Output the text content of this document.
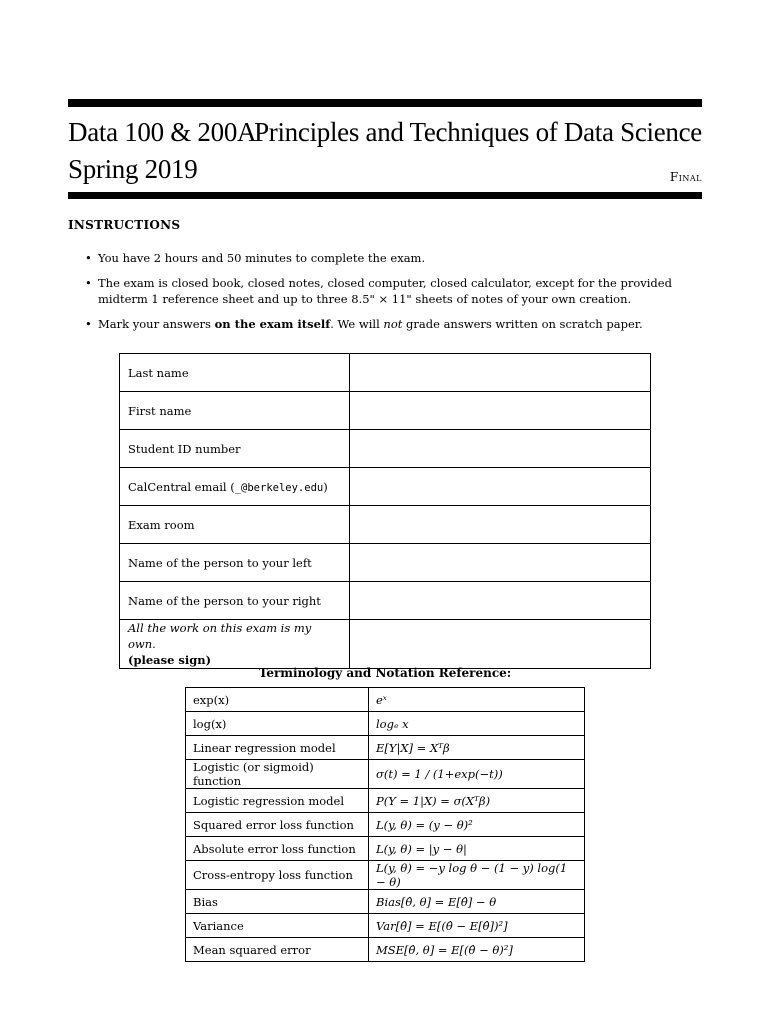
Data 100 & 200A
Principles and Techniques of Data Science
Spring 2019	Final
INSTRUCTIONS
• You have 2 hours and 50 minutes to complete the exam.
• The exam is closed book, closed notes, closed computer, closed calculator, except for the provided midterm 1 reference sheet and up to three 8.5" × 11" sheets of notes of your own creation.
• Mark your answers on the exam itself. We will not grade answers written on scratch paper.
Last name	
First name	
Student ID number	
CalCentral email (_@berkeley.edu)	
Exam room	
Name of the person to your left	
Name of the person to your right	
All the work on this exam is my own.
(please sign)	
Terminology and Notation Reference:
exp(x)	eˣ
log(x)	logₑ x
Linear regression model	E[Y|X] = Xᵀβ
Logistic (or sigmoid) function	σ(t) = 1 / (1+exp(−t))
Logistic regression model	P(Y = 1|X) = σ(Xᵀβ)
Squared error loss function	L(y, θ) = (y − θ)²
Absolute error loss function	L(y, θ) = |y − θ|
Cross-entropy loss function	L(y, θ) = −y log θ − (1 − y) log(1 − θ)
Bias	Bias[θ̂, θ] = E[θ̂] − θ
Variance	Var[θ̂] = E[(θ̂ − E[θ̂])²]
Mean squared error	MSE[θ̂, θ] = E[(θ̂ − θ)²]
